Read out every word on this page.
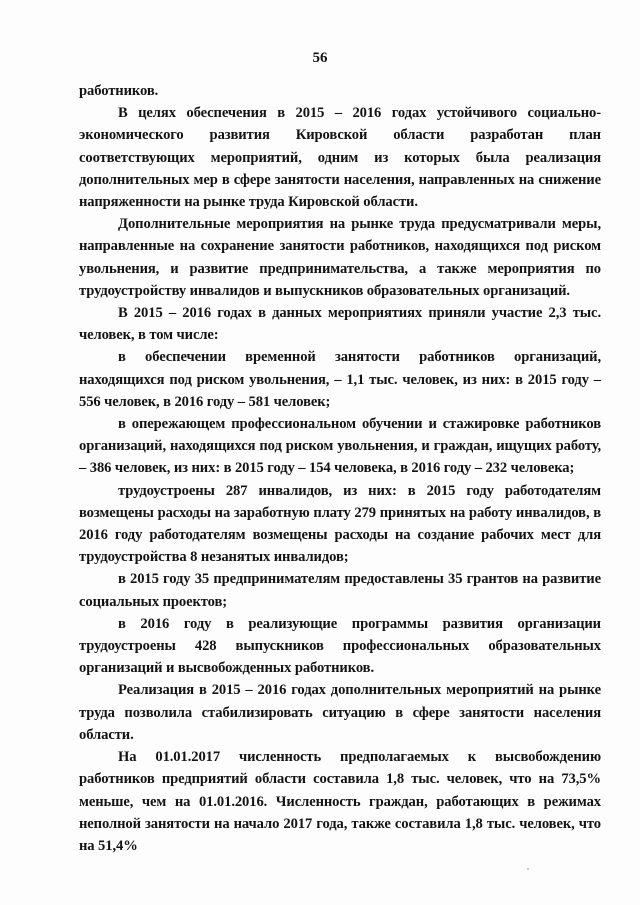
56

работников.

В целях обеспечения в 2015 – 2016 годах устойчивого социально-экономического развития Кировской области разработан план соответствующих мероприятий, одним из которых была реализация дополнительных мер в сфере занятости населения, направленных на снижение напряженности на рынке труда Кировской области.

Дополнительные мероприятия на рынке труда предусматривали меры, направленные на сохранение занятости работников, находящихся под риском увольнения, и развитие предпринимательства, а также мероприятия по трудоустройству инвалидов и выпускников образовательных организаций.

В 2015 – 2016 годах в данных мероприятиях приняли участие 2,3 тыс. человек, в том числе:

в обеспечении временной занятости работников организаций, находящихся под риском увольнения, – 1,1 тыс. человек, из них: в 2015 году – 556 человек, в 2016 году – 581 человек;

в опережающем профессиональном обучении и стажировке работников организаций, находящихся под риском увольнения, и граждан, ищущих работу, – 386 человек, из них: в 2015 году – 154 человека, в 2016 году – 232 человека;

трудоустроены 287 инвалидов, из них: в 2015 году работодателям возмещены расходы на заработную плату 279 принятых на работу инвалидов, в 2016 году работодателям возмещены расходы на создание рабочих мест для трудоустройства 8 незанятых инвалидов;

в 2015 году 35 предпринимателям предоставлены 35 грантов на развитие социальных проектов;

в 2016 году в реализующие программы развития организации трудоустроены 428 выпускников профессиональных образовательных организаций и высвобожденных работников.

Реализация в 2015 – 2016 годах дополнительных мероприятий на рынке труда позволила стабилизировать ситуацию в сфере занятости населения области.

На 01.01.2017 численность предполагаемых к высвобождению работников предприятий области составила 1,8 тыс. человек, что на 73,5% меньше, чем на 01.01.2016. Численность граждан, работающих в режимах неполной занятости на начало 2017 года, также составила 1,8 тыс. человек, что на 51,4%
